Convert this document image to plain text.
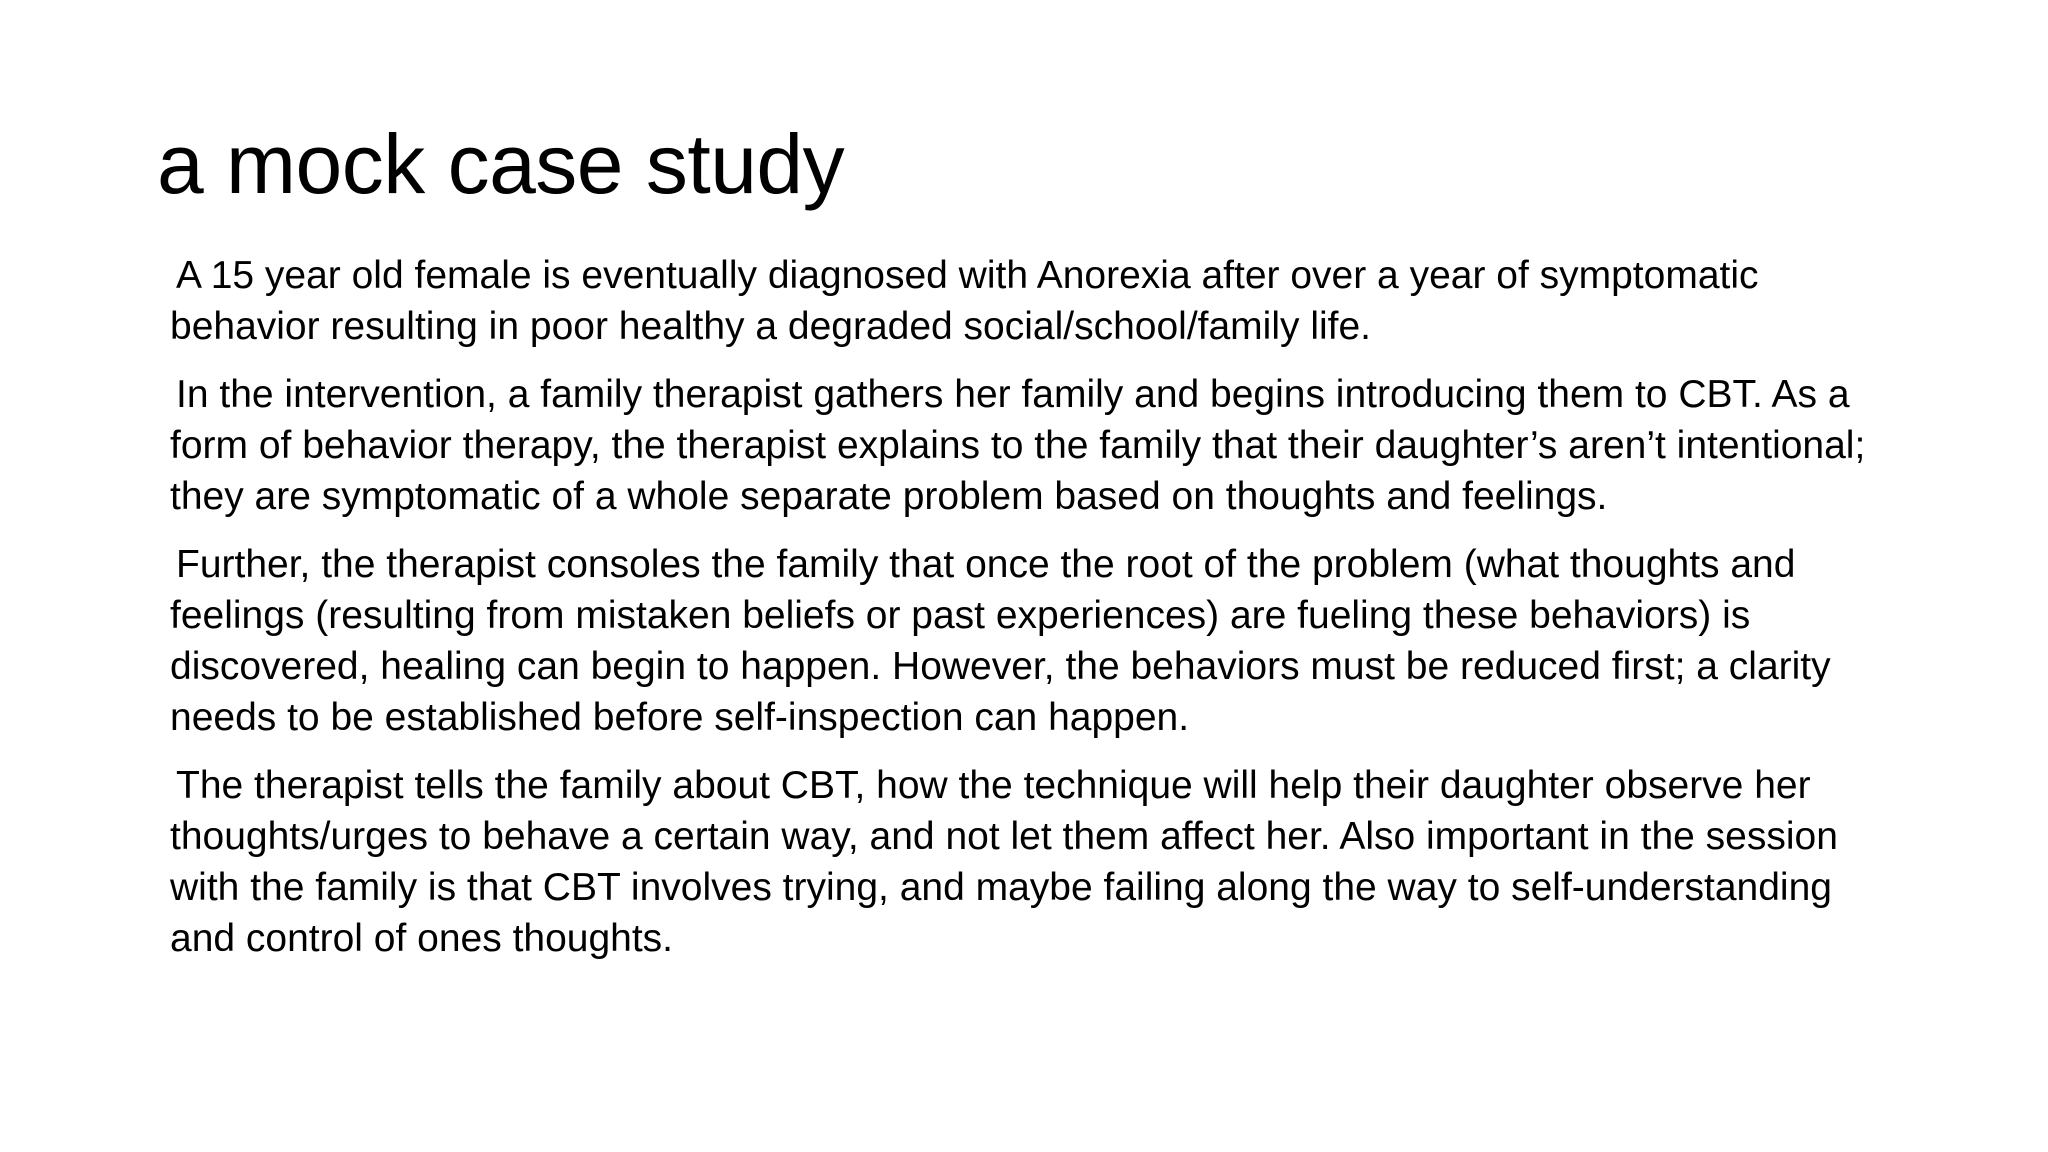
a mock case study

A 15 year old female is eventually diagnosed with Anorexia after over a year of symptomatic behavior resulting in poor healthy a degraded social/school/family life.

In the intervention, a family therapist gathers her family and begins introducing them to CBT. As a form of behavior therapy, the therapist explains to the family that their daughter’s aren’t intentional; they are symptomatic of a whole separate problem based on thoughts and feelings.

Further, the therapist consoles the family that once the root of the problem (what thoughts and feelings (resulting from mistaken beliefs or past experiences) are fueling these behaviors) is discovered, healing can begin to happen. However, the behaviors must be reduced first; a clarity needs to be established before self-inspection can happen.

The therapist tells the family about CBT, how the technique will help their daughter observe her thoughts/urges to behave a certain way, and not let them affect her. Also important in the session with the family is that CBT involves trying, and maybe failing along the way to self-understanding and control of ones thoughts.
